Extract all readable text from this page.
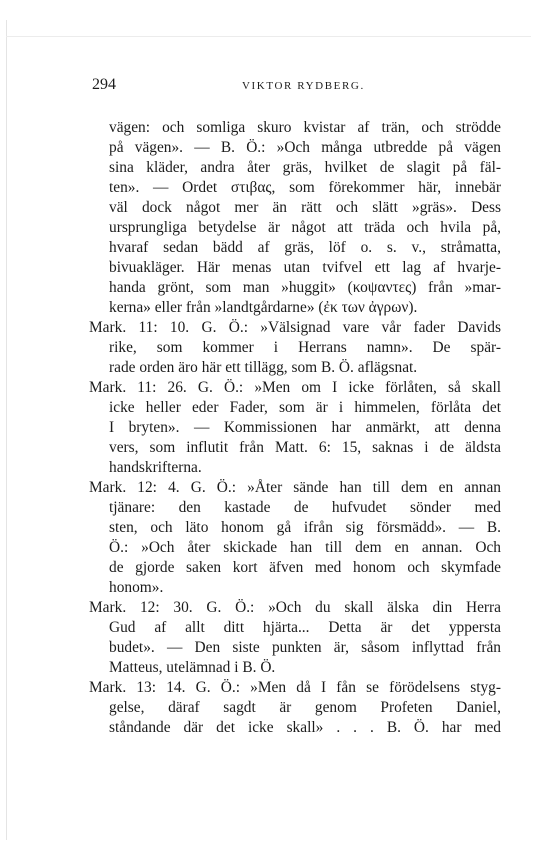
294	VIKTOR RYDBERG.
vägen: och somliga skuro kvistar af trän, och strödde
på vägen». — B. Ö.: »Och många utbredde på vägen
sina kläder, andra åter gräs, hvilket de slagit på fäl-
ten». — Ordet στιβας, som förekommer här, innebär
väl dock något mer än rätt och slätt »gräs». Dess
ursprungliga betydelse är något att träda och hvila på,
hvaraf sedan bädd af gräs, löf o. s. v., stråmatta,
bivuakläger. Här menas utan tvifvel ett lag af hvarje-
handa grönt, som man »huggit» (κοψαντες) från »mar-
kerna» eller från »landtgårdarne» (ἐκ των ἀγρων).
Mark. 11: 10. G. Ö.: »Välsignad vare vår fader Davids
rike, som kommer i Herrans namn». De spär-
rade orden äro här ett tillägg, som B. Ö. aflägsnat.
Mark. 11: 26. G. Ö.: »Men om I icke förlåten, så skall
icke heller eder Fader, som är i himmelen, förlåta det
I bryten». — Kommissionen har anmärkt, att denna
vers, som influtit från Matt. 6: 15, saknas i de äldsta
handskrifterna.
Mark. 12: 4. G. Ö.: »Åter sände han till dem en annan
tjänare: den kastade de hufvudet sönder med
sten, och läto honom gå ifrån sig försmädd». — B.
Ö.: »Och åter skickade han till dem en annan. Och
de gjorde saken kort äfven med honom och skymfade
honom».
Mark. 12: 30. G. Ö.: »Och du skall älska din Herra
Gud af allt ditt hjärta... Detta är det yppersta
budet». — Den siste punkten är, såsom inflyttad från
Matteus, utelämnad i B. Ö.
Mark. 13: 14. G. Ö.: »Men då I fån se förödelsens styg-
gelse, däraf sagdt är genom Profeten Daniel,
ståndande där det icke skall» . . . B. Ö. har med
